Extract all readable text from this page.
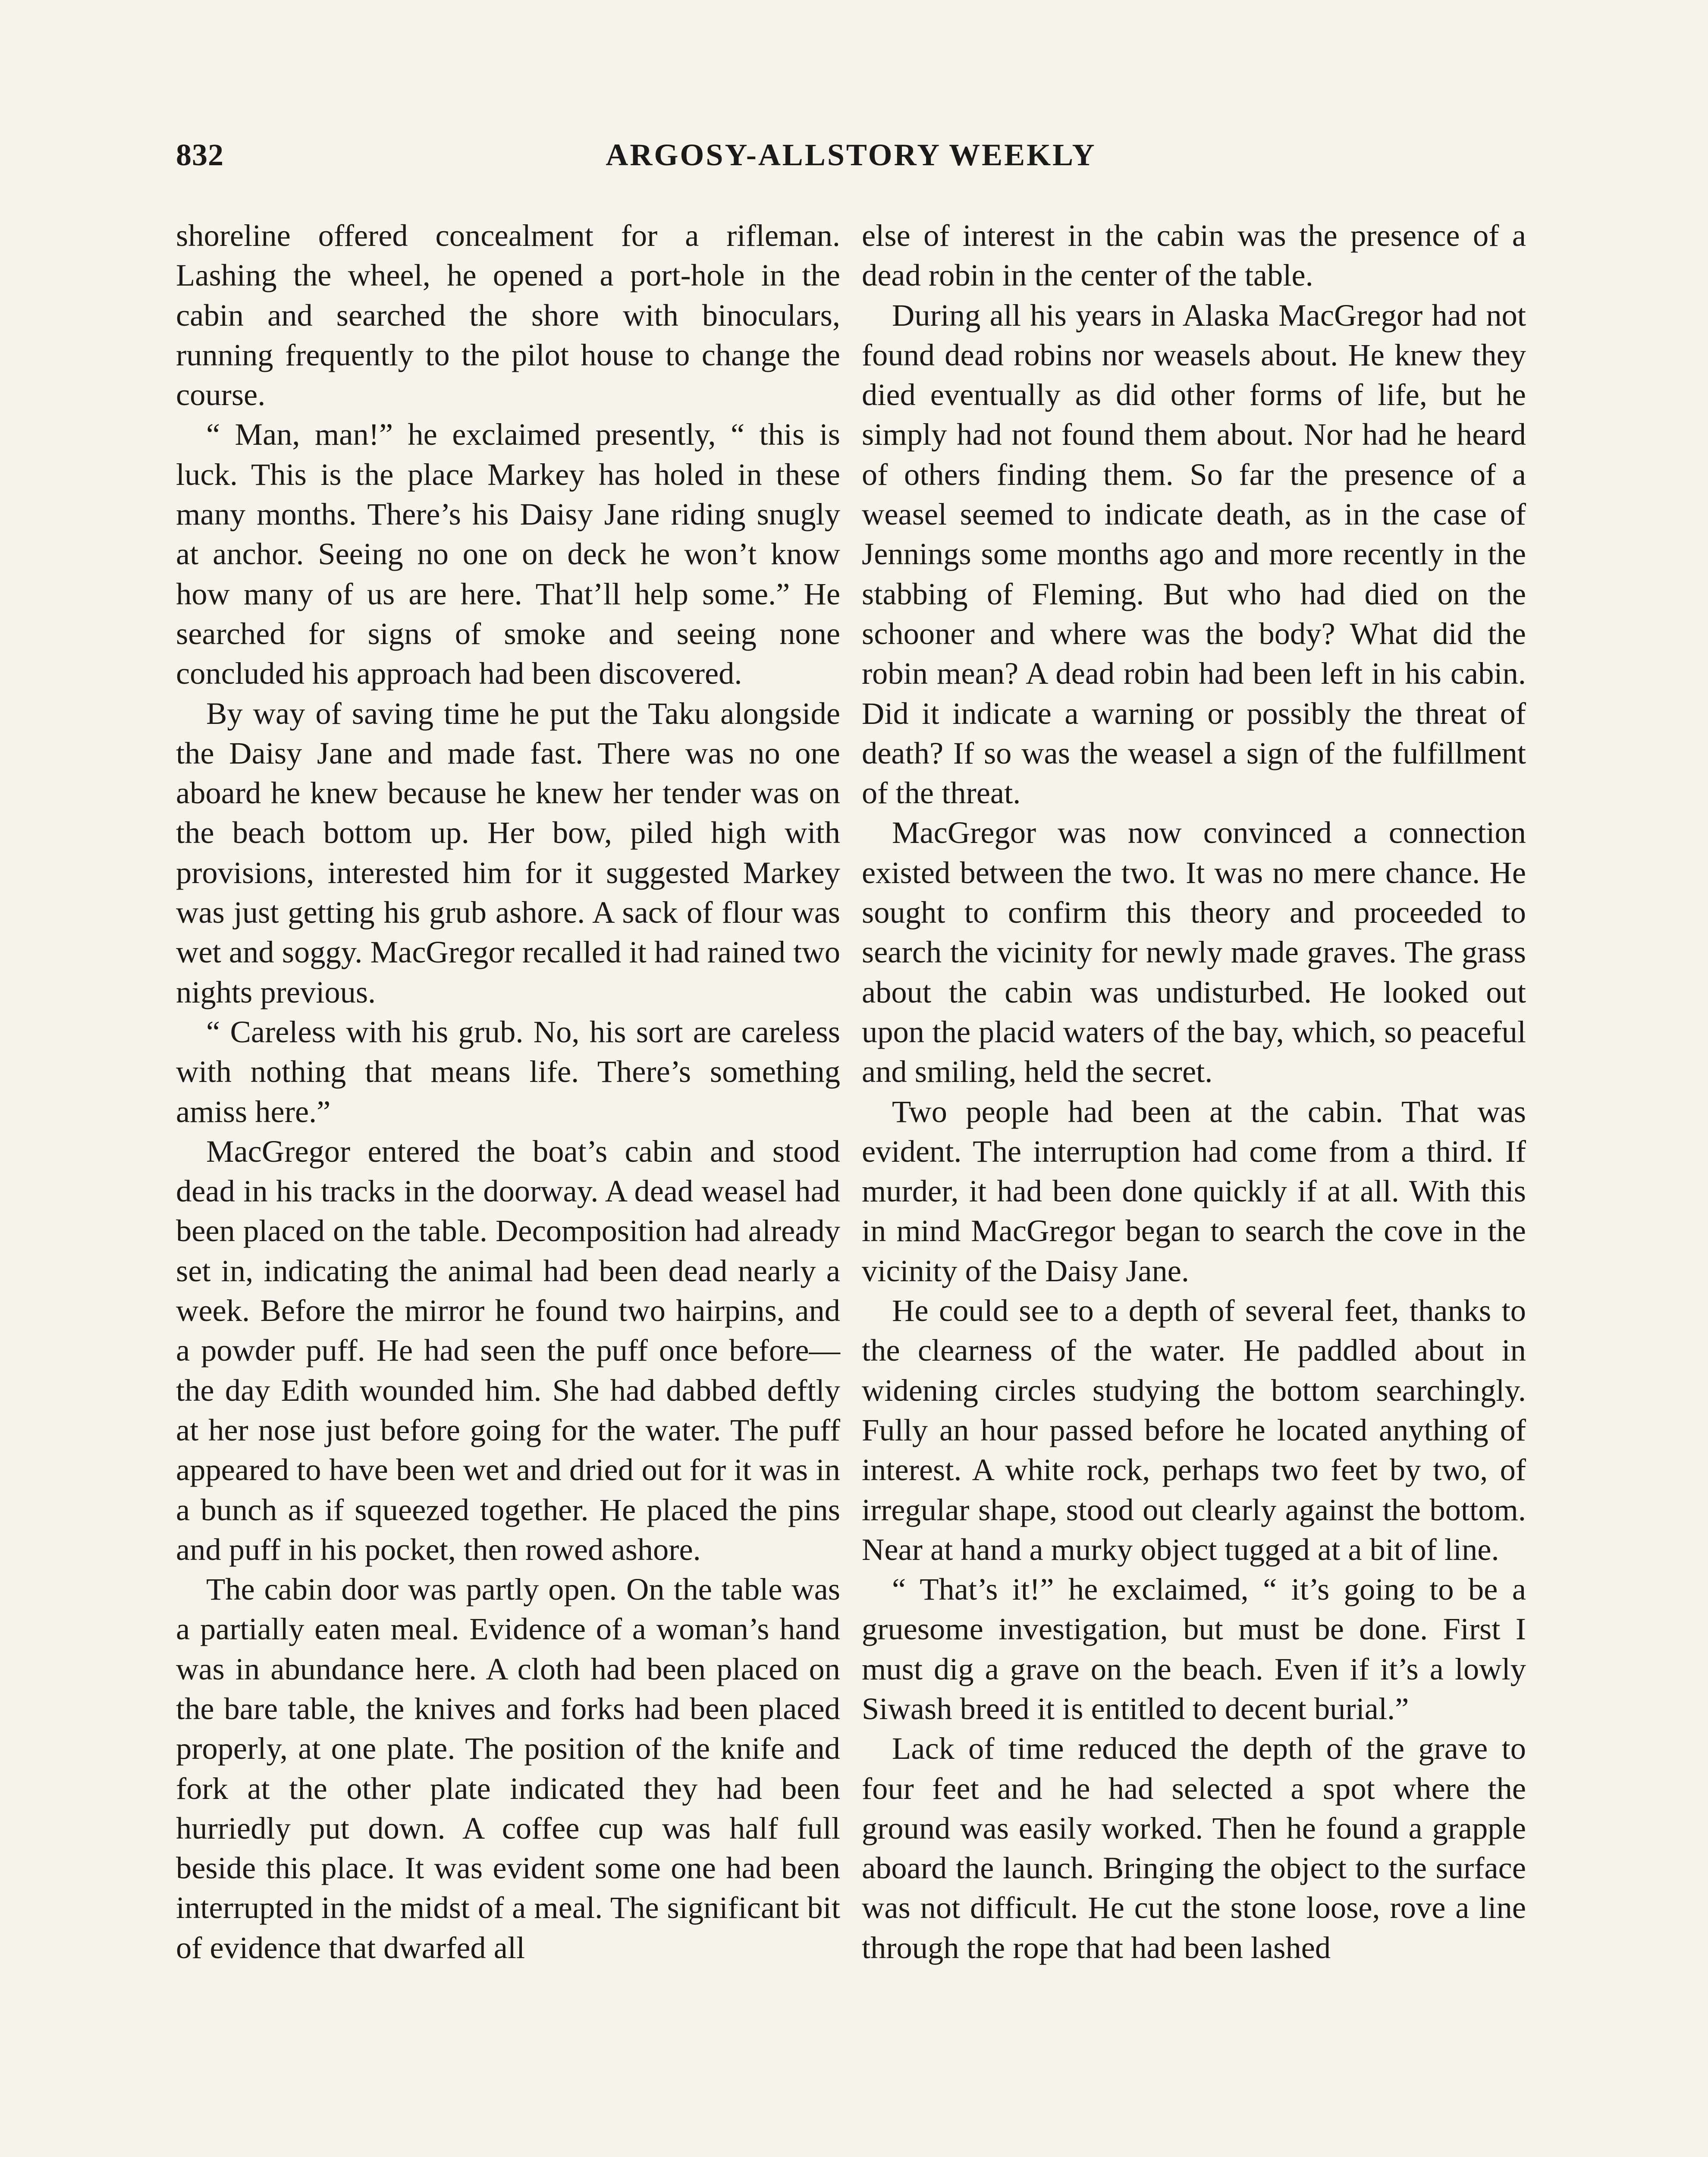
832	ARGOSY-ALLSTORY WEEKLY

shoreline offered concealment for a rifleman. Lashing the wheel, he opened a port-hole in the cabin and searched the shore with binoculars, running frequently to the pilot house to change the course.

“ Man, man!” he exclaimed presently, “ this is luck. This is the place Markey has holed in these many months. There’s his Daisy Jane riding snugly at anchor. Seeing no one on deck he won’t know how many of us are here. That’ll help some.” He searched for signs of smoke and seeing none concluded his approach had been discovered.

By way of saving time he put the Taku alongside the Daisy Jane and made fast. There was no one aboard he knew because he knew her tender was on the beach bottom up. Her bow, piled high with provisions, interested him for it suggested Markey was just getting his grub ashore. A sack of flour was wet and soggy. MacGregor recalled it had rained two nights previous.

“ Careless with his grub. No, his sort are careless with nothing that means life. There’s something amiss here.”

MacGregor entered the boat’s cabin and stood dead in his tracks in the doorway. A dead weasel had been placed on the table. Decomposition had already set in, indicating the animal had been dead nearly a week. Before the mirror he found two hairpins, and a powder puff. He had seen the puff once before—the day Edith wounded him. She had dabbed deftly at her nose just before going for the water. The puff appeared to have been wet and dried out for it was in a bunch as if squeezed together. He placed the pins and puff in his pocket, then rowed ashore.

The cabin door was partly open. On the table was a partially eaten meal. Evidence of a woman’s hand was in abundance here. A cloth had been placed on the bare table, the knives and forks had been placed properly, at one plate. The position of the knife and fork at the other plate indicated they had been hurriedly put down. A coffee cup was half full beside this place. It was evident some one had been interrupted in the midst of a meal. The significant bit of evidence that dwarfed all

else of interest in the cabin was the presence of a dead robin in the center of the table.

During all his years in Alaska MacGregor had not found dead robins nor weasels about. He knew they died eventually as did other forms of life, but he simply had not found them about. Nor had he heard of others finding them. So far the presence of a weasel seemed to indicate death, as in the case of Jennings some months ago and more recently in the stabbing of Fleming. But who had died on the schooner and where was the body? What did the robin mean? A dead robin had been left in his cabin. Did it indicate a warning or possibly the threat of death? If so was the weasel a sign of the fulfillment of the threat.

MacGregor was now convinced a connection existed between the two. It was no mere chance. He sought to confirm this theory and proceeded to search the vicinity for newly made graves. The grass about the cabin was undisturbed. He looked out upon the placid waters of the bay, which, so peaceful and smiling, held the secret.

Two people had been at the cabin. That was evident. The interruption had come from a third. If murder, it had been done quickly if at all. With this in mind MacGregor began to search the cove in the vicinity of the Daisy Jane.

He could see to a depth of several feet, thanks to the clearness of the water. He paddled about in widening circles studying the bottom searchingly. Fully an hour passed before he located anything of interest. A white rock, perhaps two feet by two, of irregular shape, stood out clearly against the bottom. Near at hand a murky object tugged at a bit of line.

“ That’s it!” he exclaimed, “ it’s going to be a gruesome investigation, but must be done. First I must dig a grave on the beach. Even if it’s a lowly Siwash breed it is entitled to decent burial.”

Lack of time reduced the depth of the grave to four feet and he had selected a spot where the ground was easily worked. Then he found a grapple aboard the launch. Bringing the object to the surface was not difficult. He cut the stone loose, rove a line through the rope that had been lashed
